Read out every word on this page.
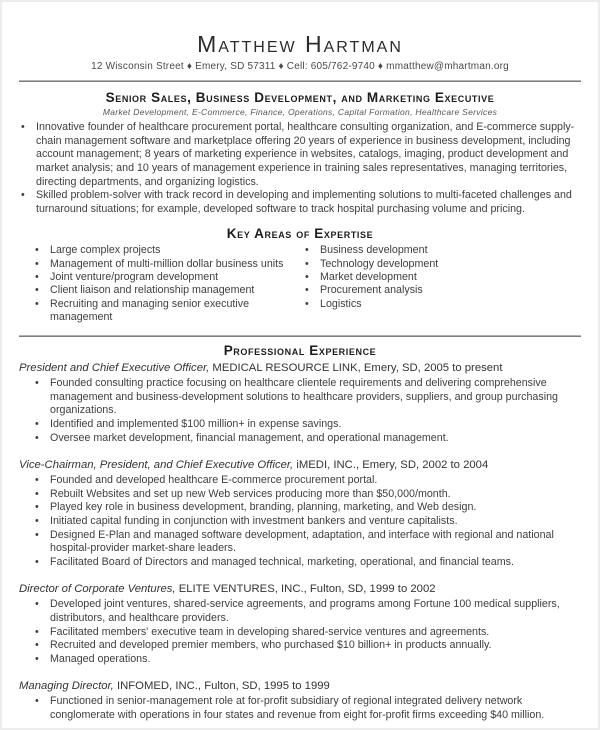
Matthew Hartman
12 Wisconsin Street ♦ Emery, SD 57311 ♦ Cell: 605/762-9740 ♦ mmatthew@mhartman.org
Senior Sales, Business Development, and Marketing Executive
Market Development, E-Commerce, Finance, Operations, Capital Formation, Healthcare Services
• Innovative founder of healthcare procurement portal, healthcare consulting organization, and E-commerce supply-chain management software and marketplace offering 20 years of experience in business development, including account management; 8 years of marketing experience in websites, catalogs, imaging, product development and market analysis; and 10 years of management experience in training sales representatives, managing territories, directing departments, and organizing logistics.
• Skilled problem-solver with track record in developing and implementing solutions to multi-faceted challenges and turnaround situations; for example, developed software to track hospital purchasing volume and pricing.
Key Areas of Expertise
• Large complex projects
• Management of multi-million dollar business units
• Joint venture/program development
• Client liaison and relationship management
• Recruiting and managing senior executive management
• Business development
• Technology development
• Market development
• Procurement analysis
• Logistics
Professional Experience
President and Chief Executive Officer, MEDICAL RESOURCE LINK, Emery, SD, 2005 to present
• Founded consulting practice focusing on healthcare clientele requirements and delivering comprehensive management and business-development solutions to healthcare providers, suppliers, and group purchasing organizations.
• Identified and implemented $100 million+ in expense savings.
• Oversee market development, financial management, and operational management.
Vice-Chairman, President, and Chief Executive Officer, iMEDI, INC., Emery, SD, 2002 to 2004
• Founded and developed healthcare E-commerce procurement portal.
• Rebuilt Websites and set up new Web services producing more than $50,000/month.
• Played key role in business development, branding, planning, marketing, and Web design.
• Initiated capital funding in conjunction with investment bankers and venture capitalists.
• Designed E-Plan and managed software development, adaptation, and interface with regional and national hospital-provider market-share leaders.
• Facilitated Board of Directors and managed technical, marketing, operational, and financial teams.
Director of Corporate Ventures, ELITE VENTURES, INC., Fulton, SD, 1999 to 2002
• Developed joint ventures, shared-service agreements, and programs among Fortune 100 medical suppliers, distributors, and healthcare providers.
• Facilitated members' executive team in developing shared-service ventures and agreements.
• Recruited and developed premier members, who purchased $10 billion+ in products annually.
• Managed operations.
Managing Director, INFOMED, INC., Fulton, SD, 1995 to 1999
• Functioned in senior-management role at for-profit subsidiary of regional integrated delivery network conglomerate with operations in four states and revenue from eight for-profit firms exceeding $40 million.
